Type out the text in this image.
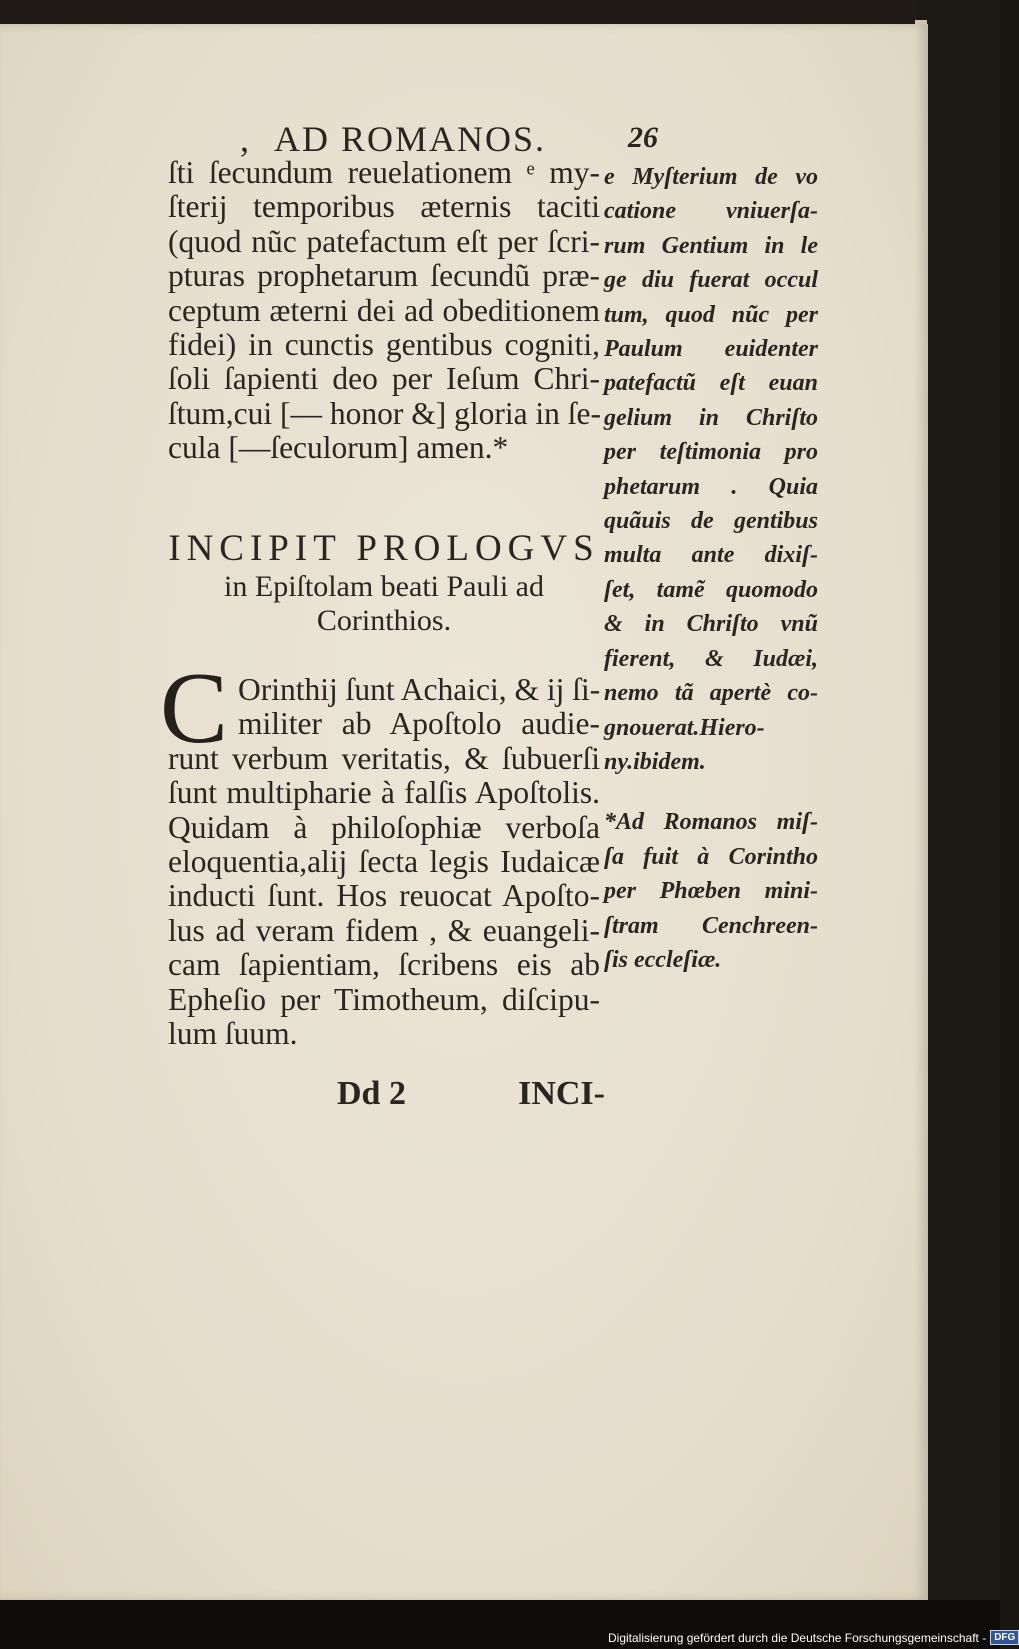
, AD ROMANOS.	26
ſti ſecundum reuelationem ᵉ my-
ſterij temporibus æternis taciti
(quod nũc patefactum eſt per ſcri-
pturas prophetarum ſecundũ præ-
ceptum æterni dei ad obeditionem
fidei) in cunctis gentibus cogniti,
ſoli ſapienti deo per Ieſum Chri-
ſtum,cui [— honor &] gloria in ſe-
cula [—ſeculorum] amen.*
INCIPIT PROLOGVS
in Epiſtolam beati Pauli ad
Corinthios.
C Orinthij ſunt Achaici, & ij ſi-
militer ab Apoſtolo audie-
runt verbum veritatis, & ſubuerſi
ſunt multipharie à falſis Apoſtolis.
Quidam à philoſophiæ verboſa
eloquentia,alij ſecta legis Iudaicæ
inducti ſunt. Hos reuocat Apoſto-
lus ad veram fidem , & euangeli-
cam ſapientiam, ſcribens eis ab
Epheſio per Timotheum, diſcipu-
lum ſuum.
Dd 2	INCI-
e Myſterium de vo
catione vniuerſa-
rum Gentium in le
ge diu fuerat occul
tum, quod nũc per
Paulum euidenter
patefactũ eſt euan
gelium in Chriſto
per teſtimonia pro
phetarum . Quia
quãuis de gentibus
multa ante dixiſ-
ſet, tamẽ quomodo
& in Chriſto vnũ
fierent, & Iudæi,
nemo tã apertè co-
gnouerat.Hiero-
ny.ibidem.
*Ad Romanos miſ-
ſa fuit à Corintho
per Phœben mini-
ſtram Cenchreen-
ſis eccleſiæ.
Digitalisierung gefördert durch die Deutsche Forschungsgemeinschaft - DFG
